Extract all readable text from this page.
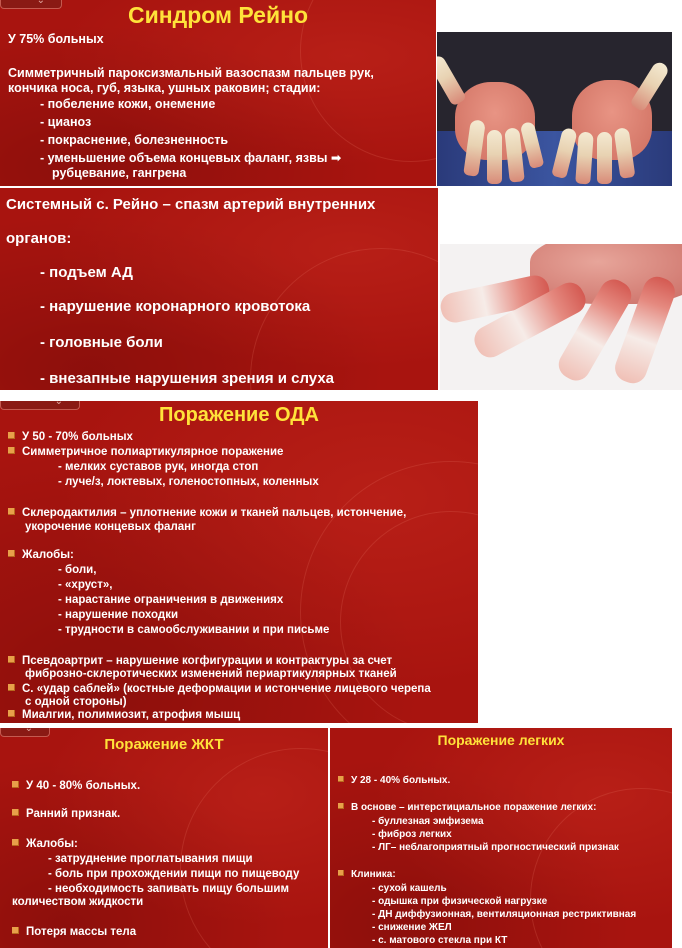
⌄
Синдром Рейно
У 75% больных
Симметричный пароксизмальный вазоспазм пальцев рук,
кончика носа, губ, языка, ушных раковин; стадии:
- побеление кожи, онемение
- цианоз
- покраснение, болезненность
- уменьшение объема концевых фаланг, язвы ➡
рубцевание, гангрена
Системный с. Рейно – спазм артерий внутренних
органов:
- подъем АД
- нарушение коронарного кровотока
- головные боли
- внезапные нарушения зрения и слуха
⌄
Поражение ОДА
У 50 - 70% больных
Симметричное полиартикулярное поражение
- мелких суставов рук, иногда стоп
- луче/з, локтевых, голеностопных, коленных
Склеродактилия – уплотнение кожи и тканей пальцев, истончение,
укорочение концевых фаланг
Жалобы:
- боли,
- «хруст»,
- нарастание ограничения в движениях
- нарушение походки
- трудности в самообслуживании и при письме
Псевдоартрит – нарушение когфигурации и контрактуры за счет
фиброзно-склеротических изменений периартикулярных тканей
С. «удар саблей» (костные деформации и истончение лицевого черепа
с одной стороны)
Миалгии, полимиозит, атрофия мышц
⌄
Поражение ЖКТ
У 40 - 80% больных.
Ранний признак.
Жалобы:
- затруднение проглатывания пищи
- боль при прохождении пищи по пищеводу
- необходимость запивать пищу большим
количеством жидкости
Потеря массы тела
Поражение легких
У 28 - 40% больных.
В основе – интерстициальное поражение легких:
- буллезная эмфизема
- фиброз легких
- ЛГ– неблагоприятный прогностический признак
Клиника:
- сухой кашель
- одышка при физической нагрузке
- ДН диффузионная, вентиляционная рестриктивная
- снижение ЖЕЛ
- с. матового стекла при КТ
